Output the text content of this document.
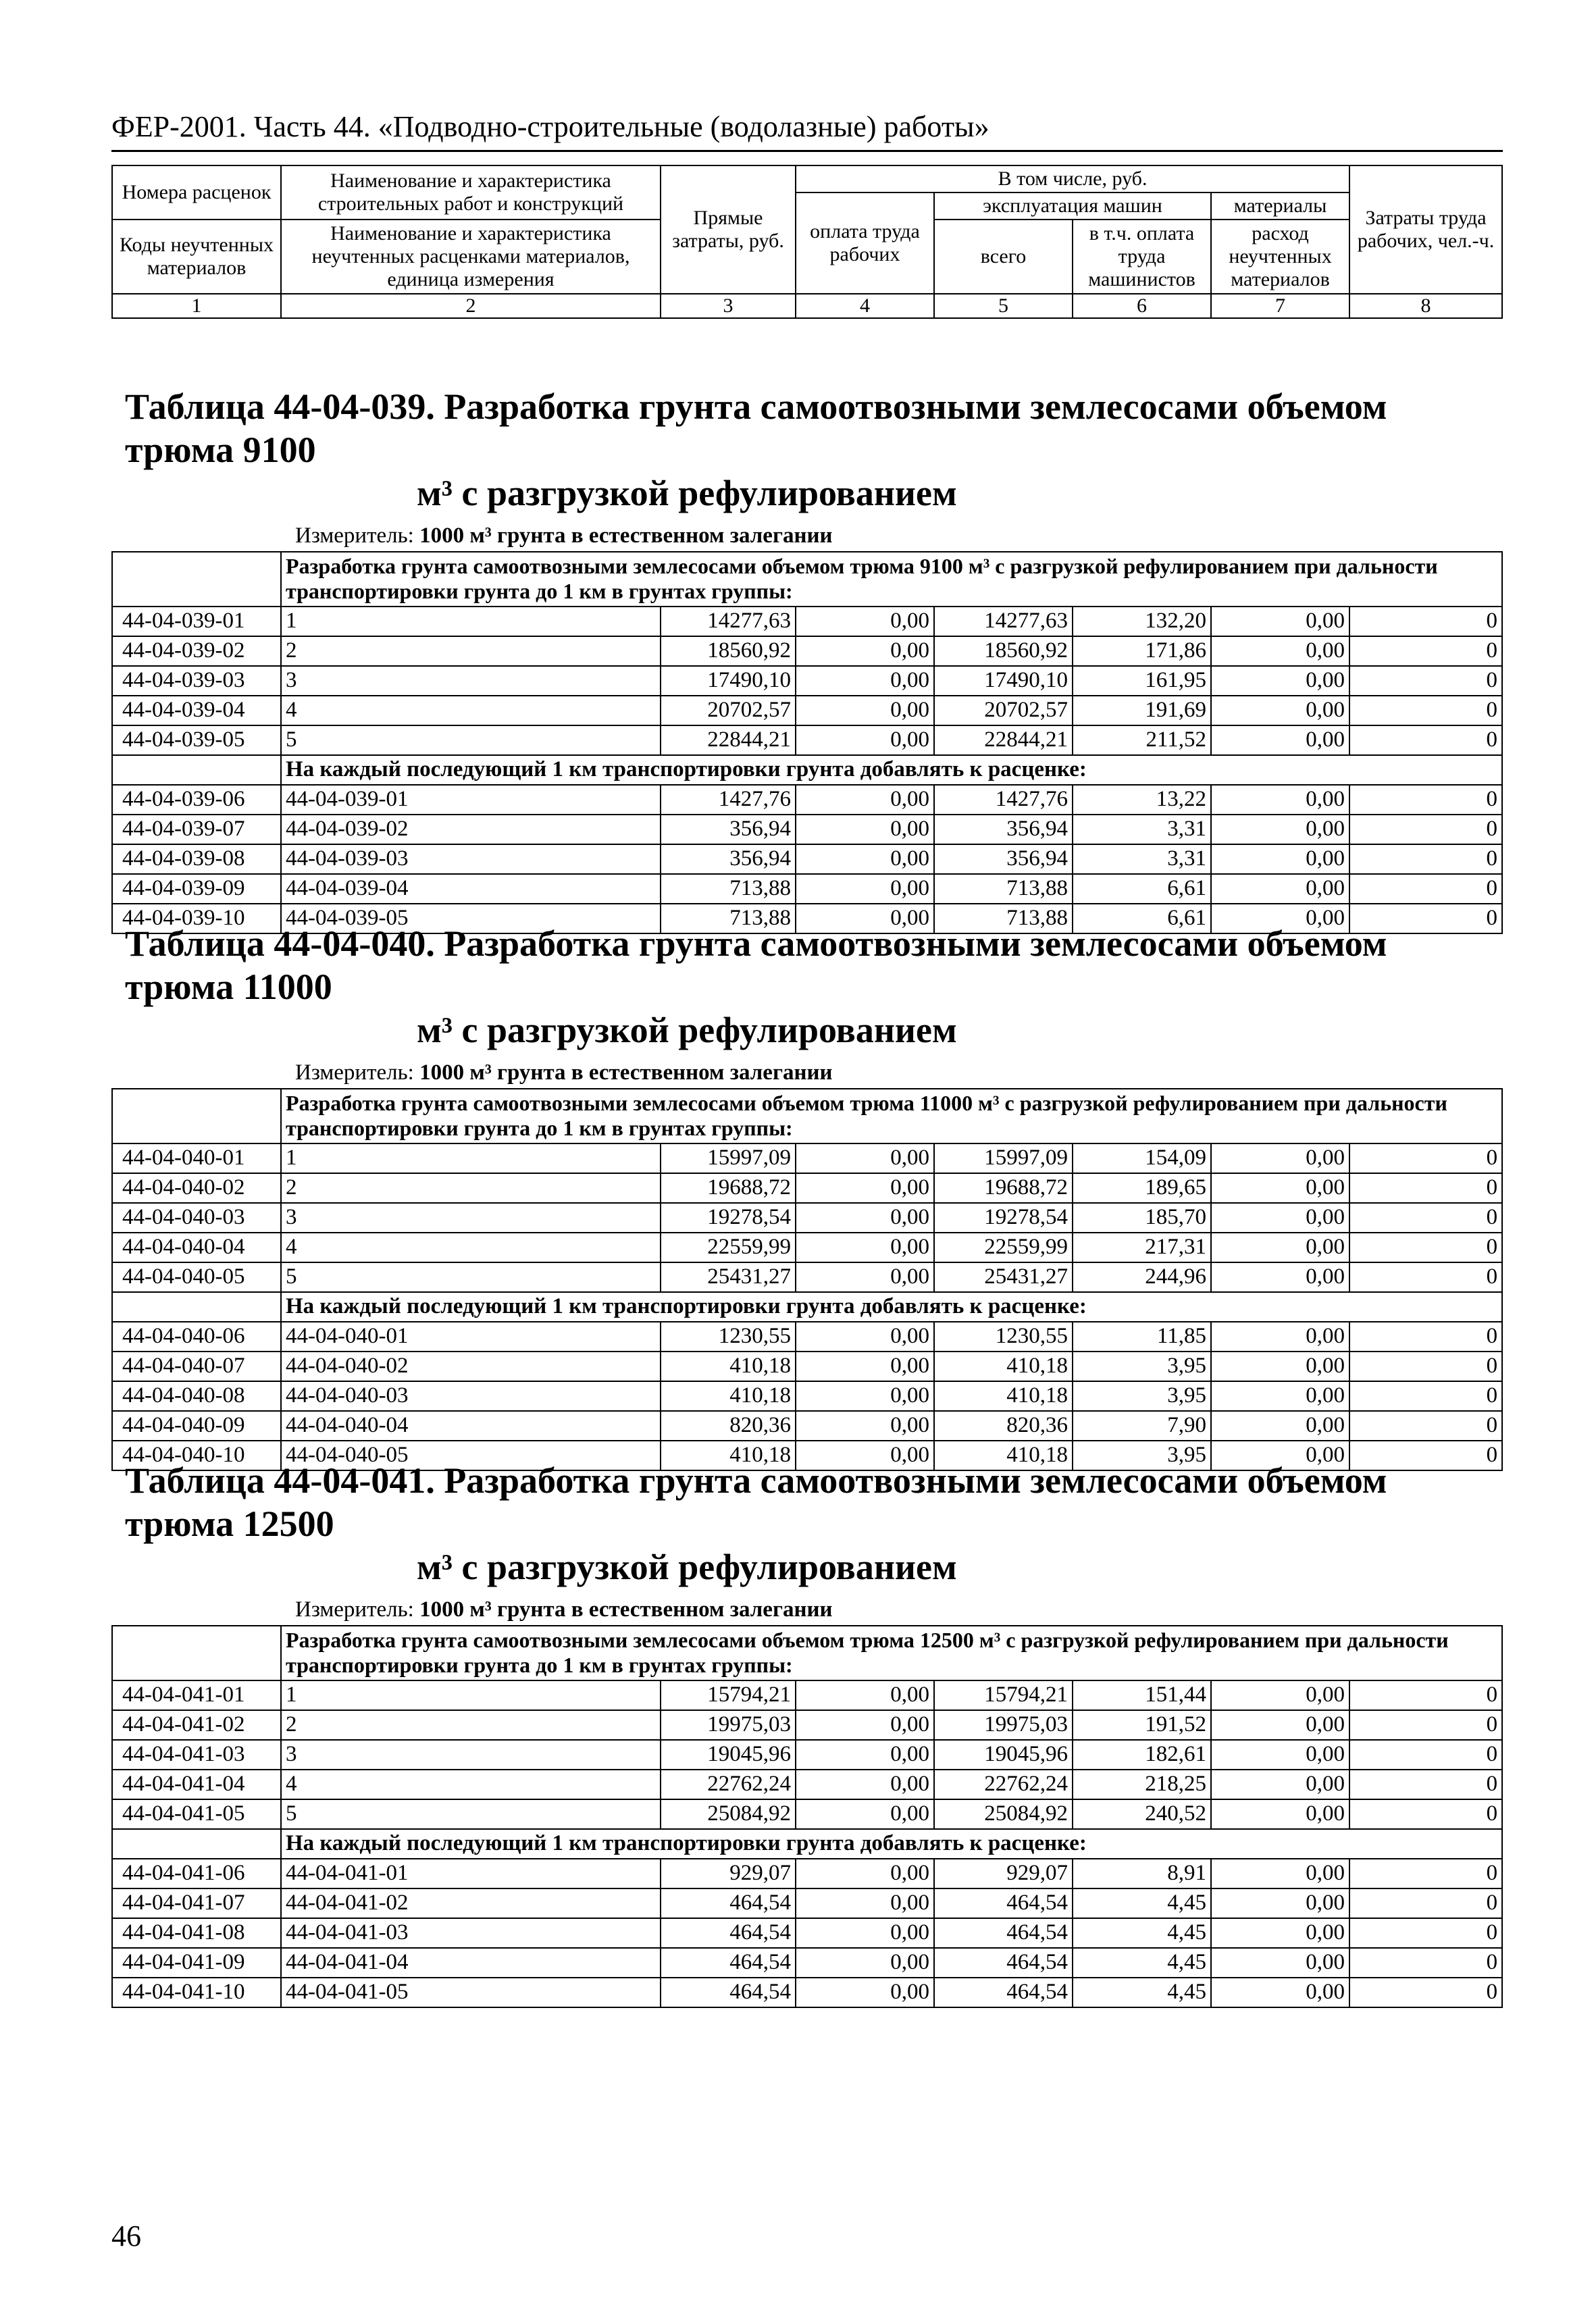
ФЕР-2001. Часть 44. «Подводно-строительные (водолазные) работы»
Номера расценок	Наименование и характеристика строительных работ и конструкций	Прямые затраты, руб.	В том числе, руб.				Затраты труда рабочих, чел.-ч.
			оплата труда рабочих	эксплуатация машин		материалы	
Коды неучтенных материалов	Наименование и характеристика неучтенных расценками материалов, единица измерения			всего	в т.ч. оплата труда машинистов	расход неучтенных материалов	

1	2	3	4	5	6	7	8
Таблица 44-04-039. Разработка грунта самоотвозными землесосами объемом трюма 9100
м³ с разгрузкой рефулированием
Измеритель: 1000 м³ грунта в естественном залегании
	Разработка грунта самоотвозными землесосами объемом трюма 9100 м³ с разгрузкой рефулированием при дальности транспортировки грунта до 1 км в грунтах группы:						
44-04-039-01	1	14277,63	0,00	14277,63	132,20	0,00	0
44-04-039-02	2	18560,92	0,00	18560,92	171,86	0,00	0
44-04-039-03	3	17490,10	0,00	17490,10	161,95	0,00	0
44-04-039-04	4	20702,57	0,00	20702,57	191,69	0,00	0
44-04-039-05	5	22844,21	0,00	22844,21	211,52	0,00	0
	На каждый последующий 1 км транспортировки грунта добавлять к расценке:						
44-04-039-06	44-04-039-01	1427,76	0,00	1427,76	13,22	0,00	0
44-04-039-07	44-04-039-02	356,94	0,00	356,94	3,31	0,00	0
44-04-039-08	44-04-039-03	356,94	0,00	356,94	3,31	0,00	0
44-04-039-09	44-04-039-04	713,88	0,00	713,88	6,61	0,00	0
44-04-039-10	44-04-039-05	713,88	0,00	713,88	6,61	0,00	0
Таблица 44-04-040. Разработка грунта самоотвозными землесосами объемом трюма 11000
м³ с разгрузкой рефулированием
Измеритель: 1000 м³ грунта в естественном залегании
	Разработка грунта самоотвозными землесосами объемом трюма 11000 м³ с разгрузкой рефулированием при дальности транспортировки грунта до 1 км в грунтах группы:						
44-04-040-01	1	15997,09	0,00	15997,09	154,09	0,00	0
44-04-040-02	2	19688,72	0,00	19688,72	189,65	0,00	0
44-04-040-03	3	19278,54	0,00	19278,54	185,70	0,00	0
44-04-040-04	4	22559,99	0,00	22559,99	217,31	0,00	0
44-04-040-05	5	25431,27	0,00	25431,27	244,96	0,00	0
	На каждый последующий 1 км транспортировки грунта добавлять к расценке:						
44-04-040-06	44-04-040-01	1230,55	0,00	1230,55	11,85	0,00	0
44-04-040-07	44-04-040-02	410,18	0,00	410,18	3,95	0,00	0
44-04-040-08	44-04-040-03	410,18	0,00	410,18	3,95	0,00	0
44-04-040-09	44-04-040-04	820,36	0,00	820,36	7,90	0,00	0
44-04-040-10	44-04-040-05	410,18	0,00	410,18	3,95	0,00	0
Таблица 44-04-041. Разработка грунта самоотвозными землесосами объемом трюма 12500
м³ с разгрузкой рефулированием
Измеритель: 1000 м³ грунта в естественном залегании
	Разработка грунта самоотвозными землесосами объемом трюма 12500 м³ с разгрузкой рефулированием при дальности транспортировки грунта до 1 км в грунтах группы:						
44-04-041-01	1	15794,21	0,00	15794,21	151,44	0,00	0
44-04-041-02	2	19975,03	0,00	19975,03	191,52	0,00	0
44-04-041-03	3	19045,96	0,00	19045,96	182,61	0,00	0
44-04-041-04	4	22762,24	0,00	22762,24	218,25	0,00	0
44-04-041-05	5	25084,92	0,00	25084,92	240,52	0,00	0
	На каждый последующий 1 км транспортировки грунта добавлять к расценке:						
44-04-041-06	44-04-041-01	929,07	0,00	929,07	8,91	0,00	0
44-04-041-07	44-04-041-02	464,54	0,00	464,54	4,45	0,00	0
44-04-041-08	44-04-041-03	464,54	0,00	464,54	4,45	0,00	0
44-04-041-09	44-04-041-04	464,54	0,00	464,54	4,45	0,00	0
44-04-041-10	44-04-041-05	464,54	0,00	464,54	4,45	0,00	0
46
